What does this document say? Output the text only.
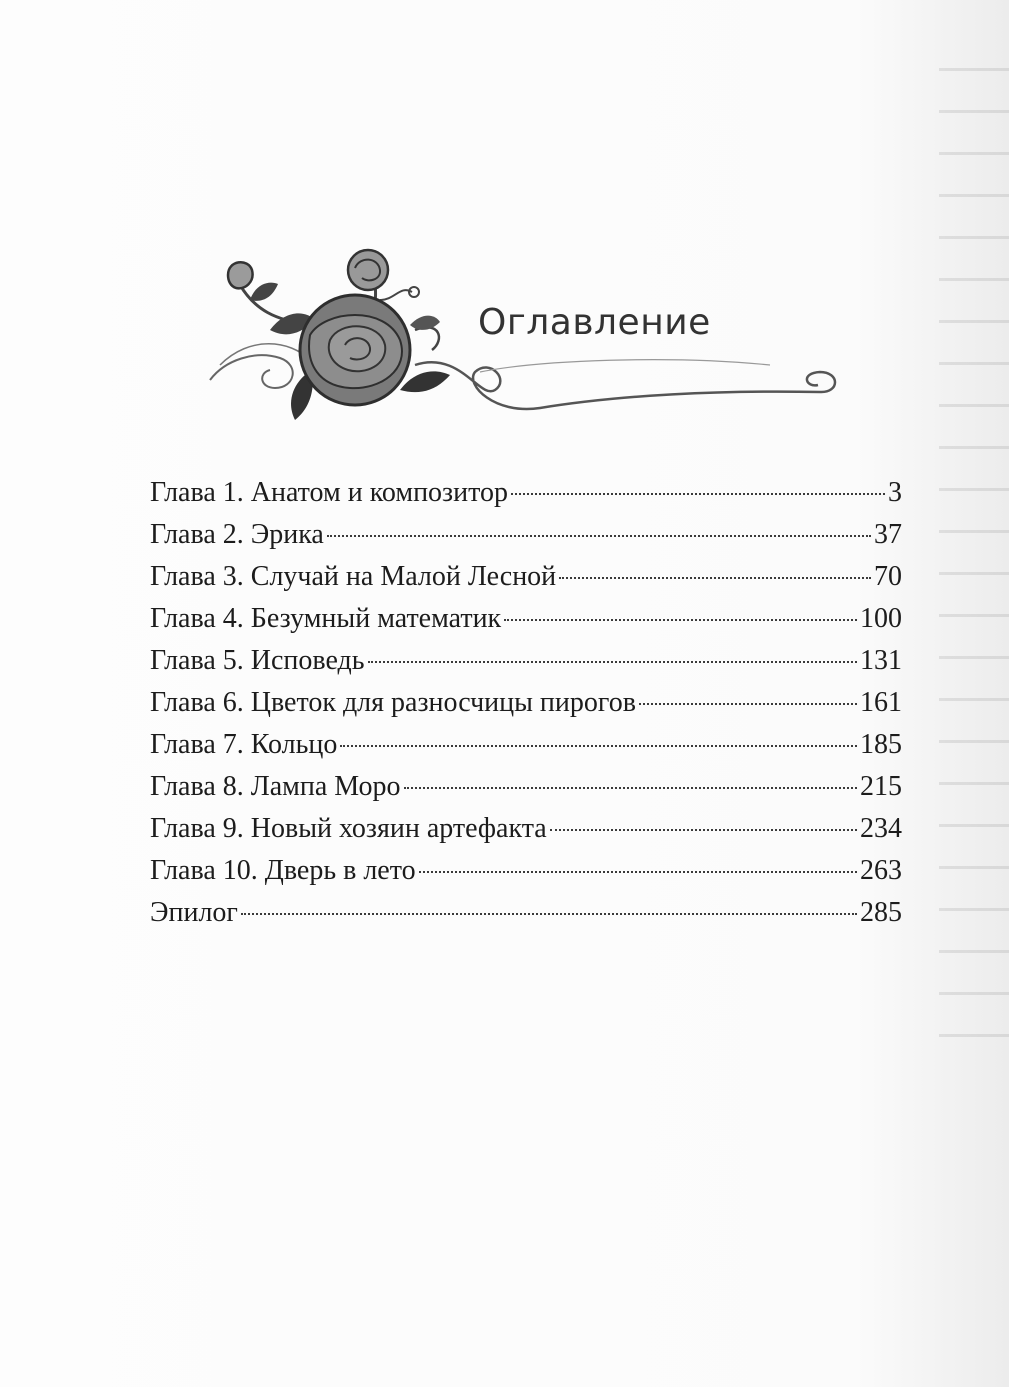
Оглавление
Глава 1. Анатом и композитор	3
Глава 2. Эрика	37
Глава 3. Случай на Малой Лесной	70
Глава 4. Безумный математик	100
Глава 5. Исповедь	131
Глава 6. Цветок для разносчицы пирогов	161
Глава 7. Кольцо	185
Глава 8. Лампа Моро	215
Глава 9. Новый хозяин артефакта	234
Глава 10. Дверь в лето	263
Эпилог	285
